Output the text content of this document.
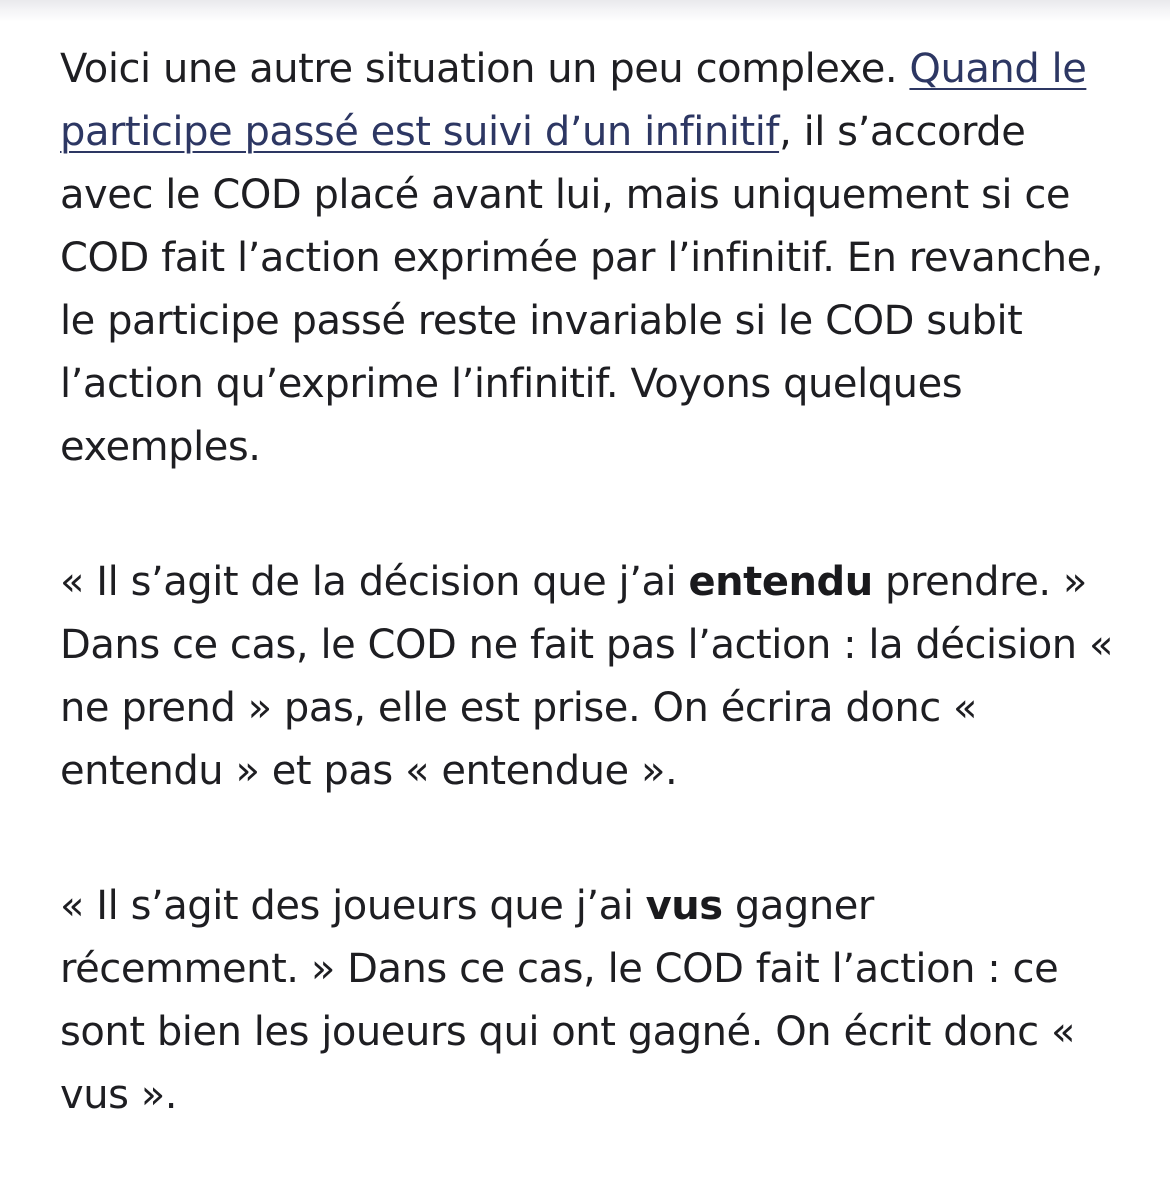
Voici une autre situation un peu complexe. Quand le participe passé est suivi d’un infinitif, il s’accorde avec le COD placé avant lui, mais uniquement si ce COD fait l’action exprimée par l’infinitif. En revanche, le participe passé reste invariable si le COD subit l’action qu’exprime l’infinitif. Voyons quelques exemples.

« Il s’agit de la décision que j’ai entendu prendre. » Dans ce cas, le COD ne fait pas l’action : la décision « ne prend » pas, elle est prise. On écrira donc « entendu » et pas « entendue ».

« Il s’agit des joueurs que j’ai vus gagner récemment. » Dans ce cas, le COD fait l’action : ce sont bien les joueurs qui ont gagné. On écrit donc « vus ».
